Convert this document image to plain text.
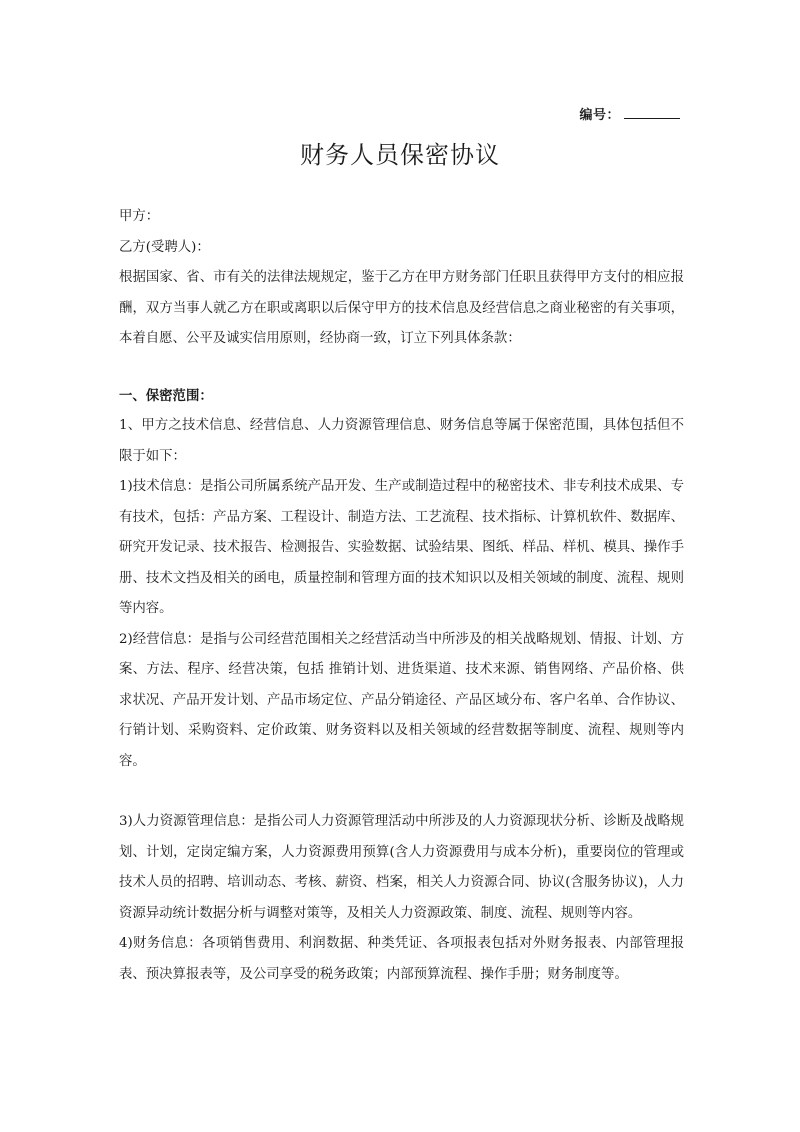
编号：
财务人员保密协议

甲方：

乙方(受聘人)：

根据国家、省、市有关的法律法规规定，鉴于乙方在甲方财务部门任职且获得甲方支付的相应报酬，双方当事人就乙方在职或离职以后保守甲方的技术信息及经营信息之商业秘密的有关事项，本着自愿、公平及诚实信用原则，经协商一致，订立下列具体条款：

一、保密范围：

1、甲方之技术信息、经营信息、人力资源管理信息、财务信息等属于保密范围，具体包括但不限于如下：

1)技术信息：是指公司所属系统产品开发、生产或制造过程中的秘密技术、非专利技术成果、专有技术，包括：产品方案、工程设计、制造方法、工艺流程、技术指标、计算机软件、数据库、研究开发记录、技术报告、检测报告、实验数据、试验结果、图纸、样品、样机、模具、操作手册、技术文挡及相关的函电，质量控制和管理方面的技术知识以及相关领域的制度、流程、规则等内容。

2)经营信息：是指与公司经营范围相关之经营活动当中所涉及的相关战略规划、情报、计划、方案、方法、程序、经营决策，包括 推销计划、进货渠道、技术来源、销售网络、产品价格、供求状况、产品开发计划、产品市场定位、产品分销途径、产品区域分布、客户名单、合作协议、行销计划、采购资料、定价政策、财务资料以及相关领域的经营数据等制度、流程、规则等内容。

3)人力资源管理信息：是指公司人力资源管理活动中所涉及的人力资源现状分析、诊断及战略规划、计划，定岗定编方案，人力资源费用预算(含人力资源费用与成本分析)，重要岗位的管理或技术人员的招聘、培训动态、考核、薪资、档案，相关人力资源合同、协议(含服务协议)，人力资源异动统计数据分析与调整对策等，及相关人力资源政策、制度、流程、规则等内容。

4)财务信息：各项销售费用、利润数据、种类凭证、各项报表包括对外财务报表、内部管理报表、预决算报表等，及公司享受的税务政策；内部预算流程、操作手册；财务制度等。
